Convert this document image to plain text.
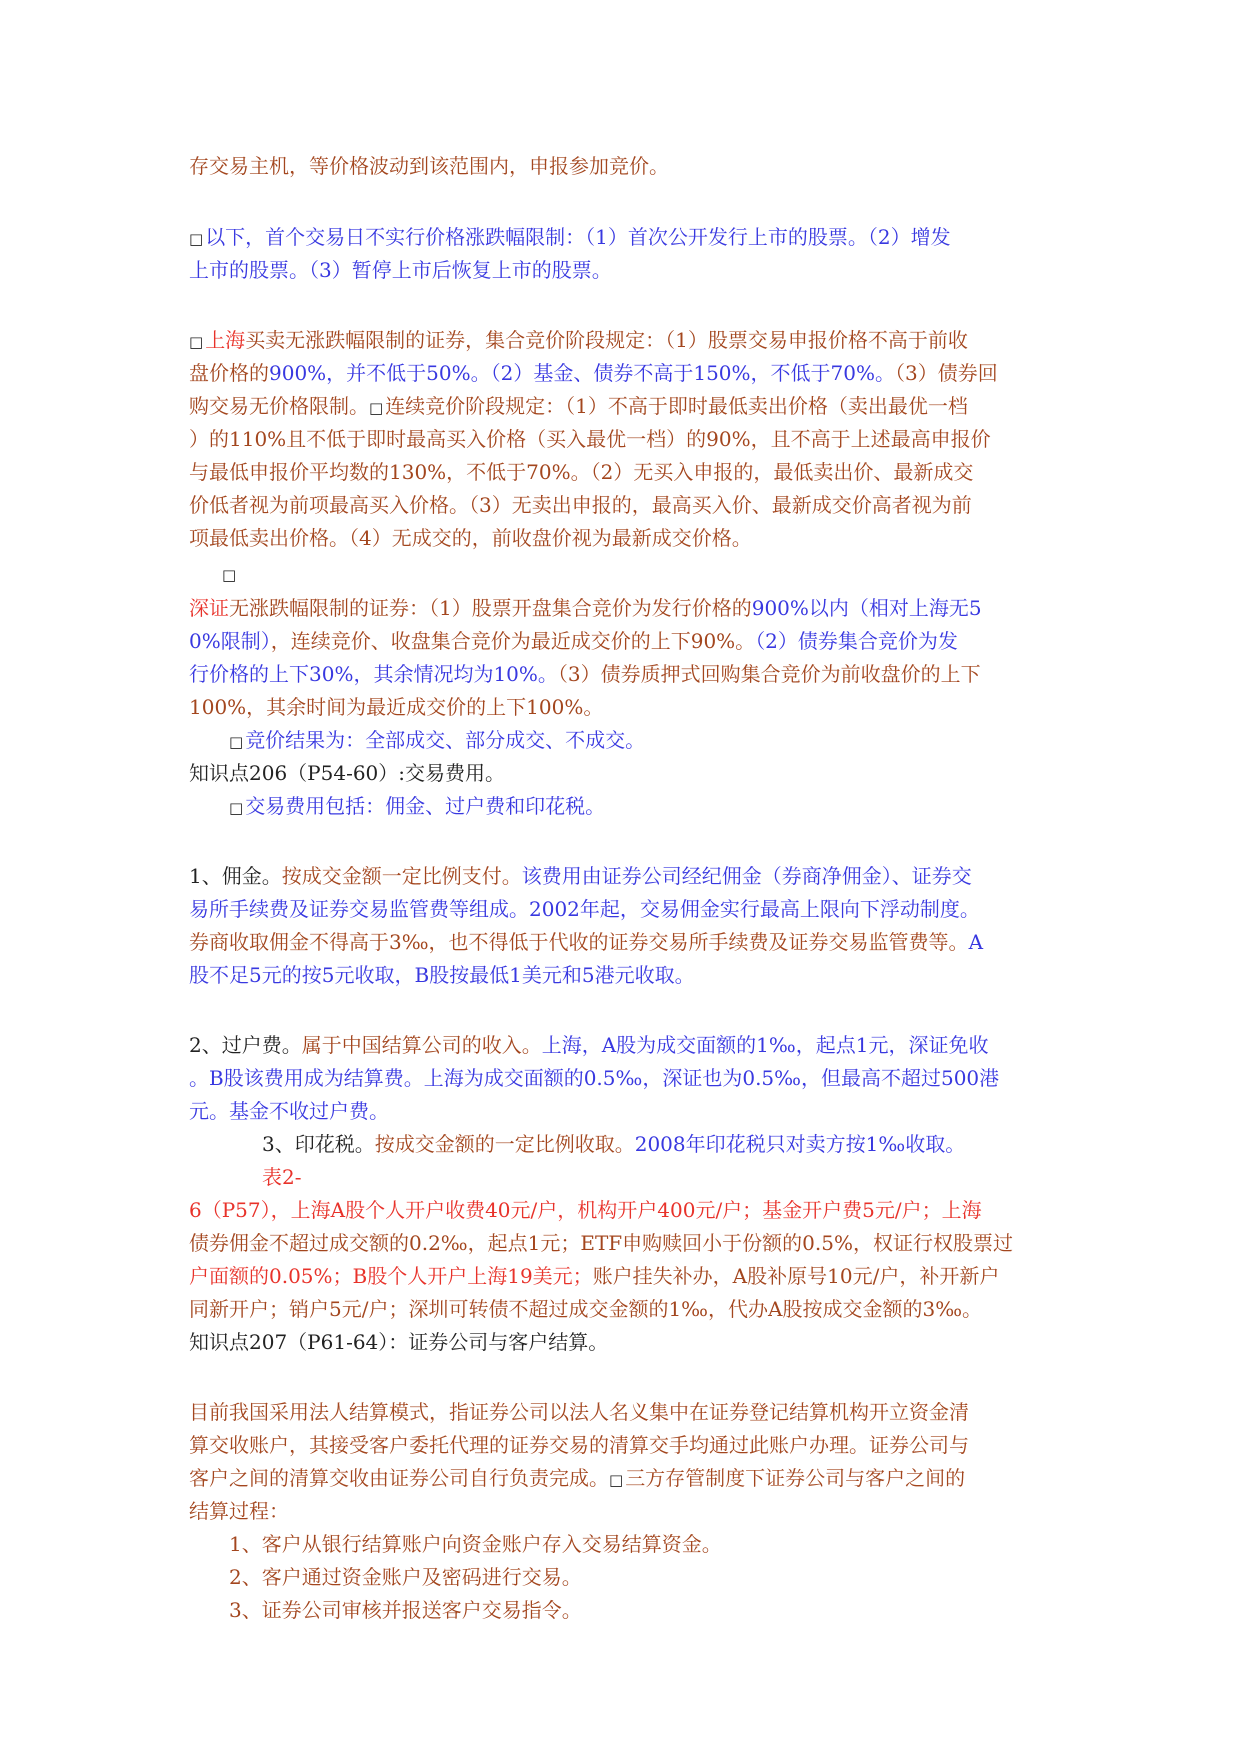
存交易主机，等价格波动到该范围内，申报参加竞价。
□ 以下，首个交易日不实行价格涨跌幅限制：（1）首次公开发行上市的股票。（2）增发
上市的股票。（3）暂停上市后恢复上市的股票。
□ 上海买卖无涨跌幅限制的证券，集合竞价阶段规定：（1）股票交易申报价格不高于前收
盘价格的900%，并不低于50%。（2）基金、债券不高于150%，不低于70%。（3）债券回
购交易无价格限制。□ 连续竞价阶段规定：（1）不高于即时最低卖出价格（卖出最优一档
）的110%且不低于即时最高买入价格（买入最优一档）的90%，且不高于上述最高申报价
与最低申报价平均数的130%，不低于70%。（2）无买入申报的，最低卖出价、最新成交
价低者视为前项最高买入价格。（3）无卖出申报的，最高买入价、最新成交价高者视为前
项最低卖出价格。（4）无成交的，前收盘价视为最新成交价格。
□
深证无涨跌幅限制的证券：（1）股票开盘集合竞价为发行价格的900%以内（相对上海无5
0%限制），连续竞价、收盘集合竞价为最近成交价的上下90%。（2）债券集合竞价为发
行价格的上下30%，其余情况均为10%。（3）债券质押式回购集合竞价为前收盘价的上下
100%，其余时间为最近成交价的上下100%。
□ 竞价结果为：全部成交、部分成交、不成交。
知识点206（P54-60）:交易费用。
□ 交易费用包括：佣金、过户费和印花税。
1、佣金。按成交金额一定比例支付。该费用由证券公司经纪佣金（券商净佣金）、证券交
易所手续费及证券交易监管费等组成。2002年起，交易佣金实行最高上限向下浮动制度。
券商收取佣金不得高于3‰，也不得低于代收的证券交易所手续费及证券交易监管费等。A
股不足5元的按5元收取，B股按最低1美元和5港元收取。
2、过户费。属于中国结算公司的收入。上海，A股为成交面额的1‰，起点1元，深证免收
。B股该费用成为结算费。上海为成交面额的0.5‰，深证也为0.5‰，但最高不超过500港
元。基金不收过户费。
3、印花税。按成交金额的一定比例收取。2008年印花税只对卖方按1‰收取。
表2-
6（P57），上海A股个人开户收费40元/户，机构开户400元/户；基金开户费5元/户；上海
债券佣金不超过成交额的0.2‰，起点1元；ETF申购赎回小于份额的0.5%，权证行权股票过
户面额的0.05%；B股个人开户上海19美元；账户挂失补办，A股补原号10元/户，补开新户
同新开户；销户5元/户；深圳可转债不超过成交金额的1‰，代办A股按成交金额的3‰。
知识点207（P61-64）：证券公司与客户结算。
目前我国采用法人结算模式，指证券公司以法人名义集中在证券登记结算机构开立资金清
算交收账户，其接受客户委托代理的证券交易的清算交手均通过此账户办理。证券公司与
客户之间的清算交收由证券公司自行负责完成。□ 三方存管制度下证券公司与客户之间的
结算过程：
1、客户从银行结算账户向资金账户存入交易结算资金。
2、客户通过资金账户及密码进行交易。
3、证券公司审核并报送客户交易指令。
